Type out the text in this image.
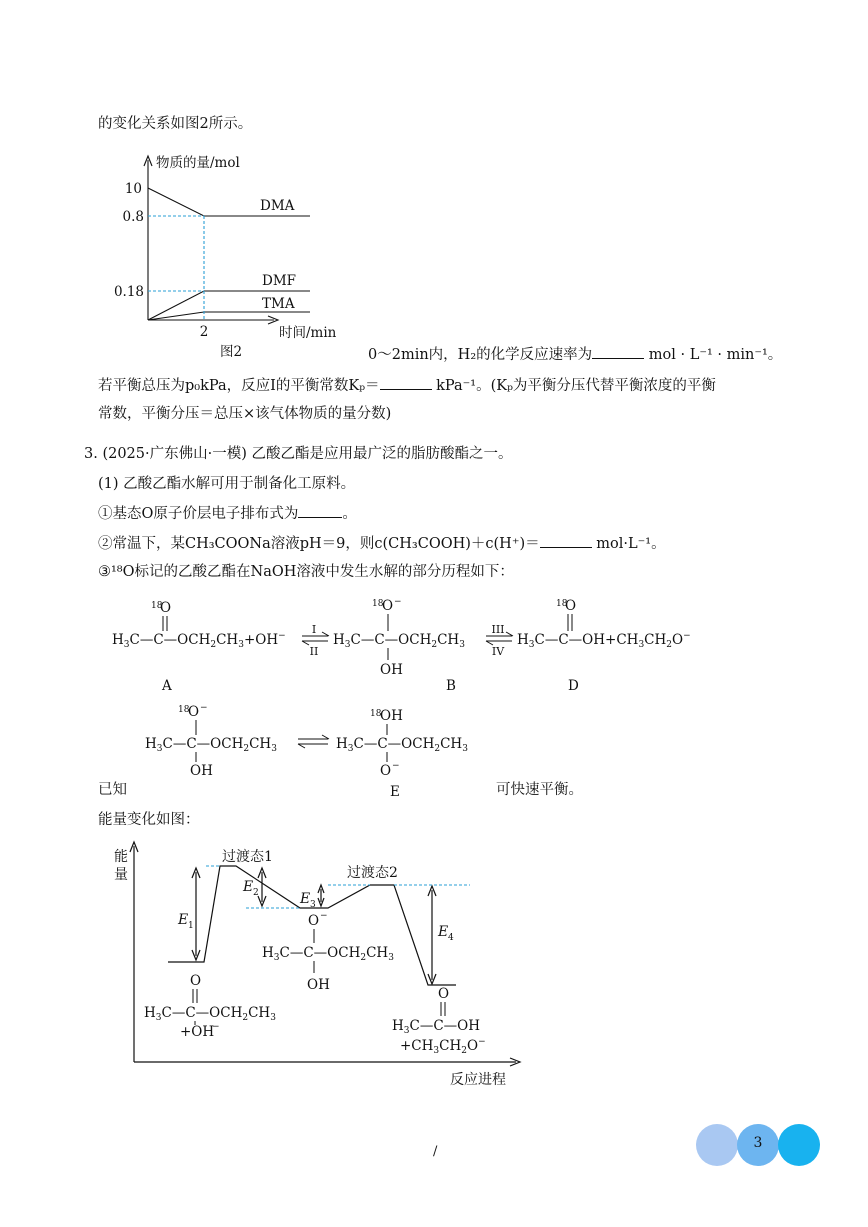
的变化关系如图2所示。
0～2min内，H₂的化学反应速率为	mol · L⁻¹ · min⁻¹。
若平衡总压为p₀kPa，反应Ⅰ的平衡常数Kₚ＝	kPa⁻¹。(Kₚ为平衡分压代替平衡浓度的平衡
常数，平衡分压＝总压×该气体物质的量分数)
3. (2025·广东佛山·一模) 乙酸乙酯是应用最广泛的脂肪酸酯之一。
(1) 乙酸乙酯水解可用于制备化工原料。
①基态O原子价层电子排布式为	。
②常温下，某CH₃COONa溶液pH＝9，则c(CH₃COOH)＋c(H⁺)＝	mol·L⁻¹。
③¹⁸O标记的乙酸乙酯在NaOH溶液中发生水解的部分历程如下：
已知	可快速平衡。
能量变化如图：
物质的量/mol
10
0.8
0.18
2	时间/min
DMA
DMF
TMA
图2
18
O
$H_3C—C—OCH_2CH_3+OH^-$
A
I
II
18
O −
$H_3C—C—OCH_2CH_3$
OH
B
III
IV
18
O
$H_3C—C—OH+CH_3CH_2O^-$
D
18
O −
$H_3C—C—OCH_2CH_3$
OH
18
OH
$H_3C—C—OCH_2CH_3$
O −
E
能
量
反应进程
过渡态1
过渡态2
E 1
E 2	E 3
E 4
O
$H_3C—C—OCH_2CH_3$
+OH
−
O −
$H_3C—C—OCH_2CH_3$
OH
O
$H_3C—C—OH$
$+CH_3CH_2O^-$
/
3
